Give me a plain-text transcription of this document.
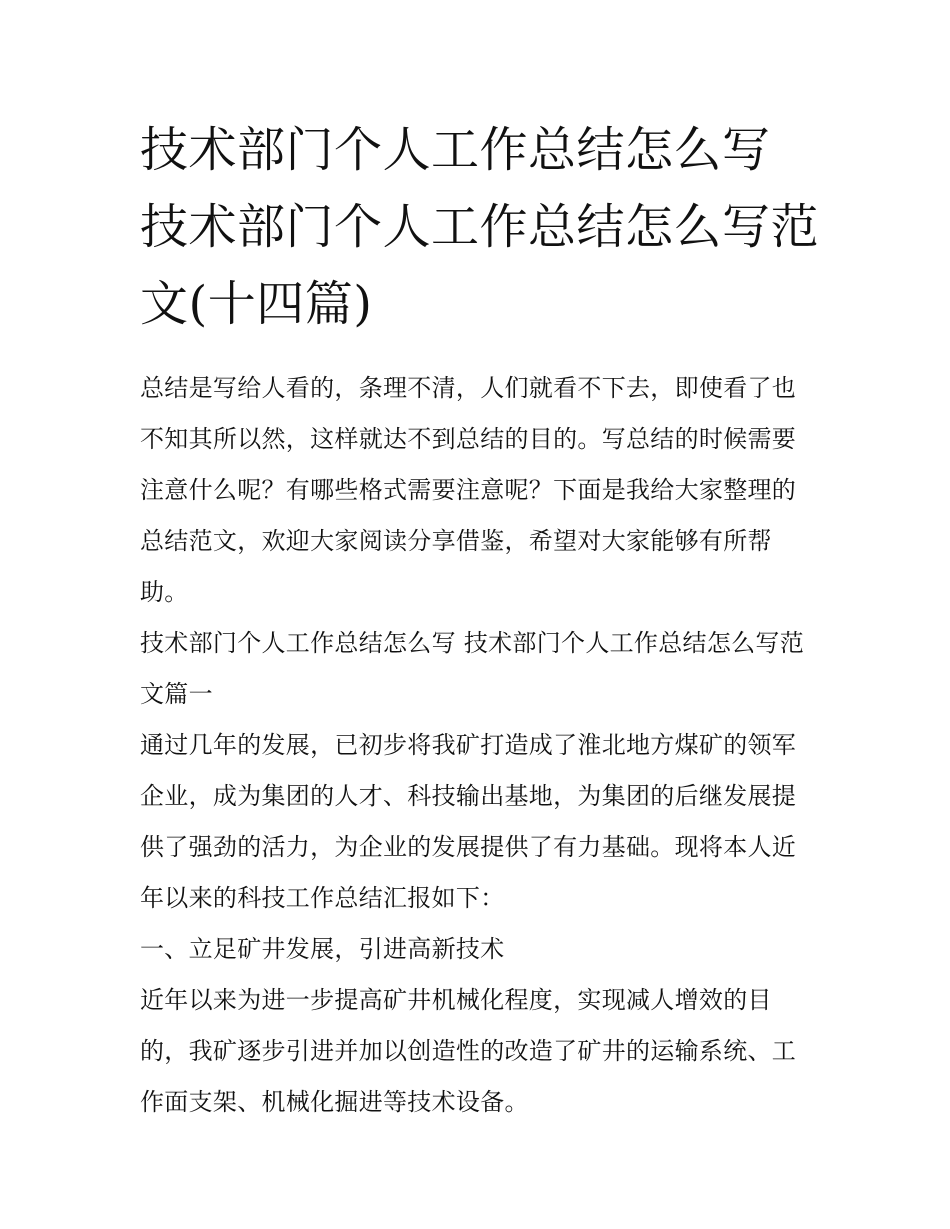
技术部门个人工作总结怎么写 技术部门个人工作总结怎么写范文(十四篇)

总结是写给人看的，条理不清，人们就看不下去，即使看了也不知其所以然，这样就达不到总结的目的。写总结的时候需要注意什么呢？有哪些格式需要注意呢？下面是我给大家整理的总结范文，欢迎大家阅读分享借鉴，希望对大家能够有所帮助。

技术部门个人工作总结怎么写 技术部门个人工作总结怎么写范文篇一

通过几年的发展，已初步将我矿打造成了淮北地方煤矿的领军企业，成为集团的人才、科技输出基地，为集团的后继发展提供了强劲的活力，为企业的发展提供了有力基础。现将本人近年以来的科技工作总结汇报如下：

一、立足矿井发展，引进高新技术

近年以来为进一步提高矿井机械化程度，实现减人增效的目的，我矿逐步引进并加以创造性的改造了矿井的运输系统、工作面支架、机械化掘进等技术设备。
